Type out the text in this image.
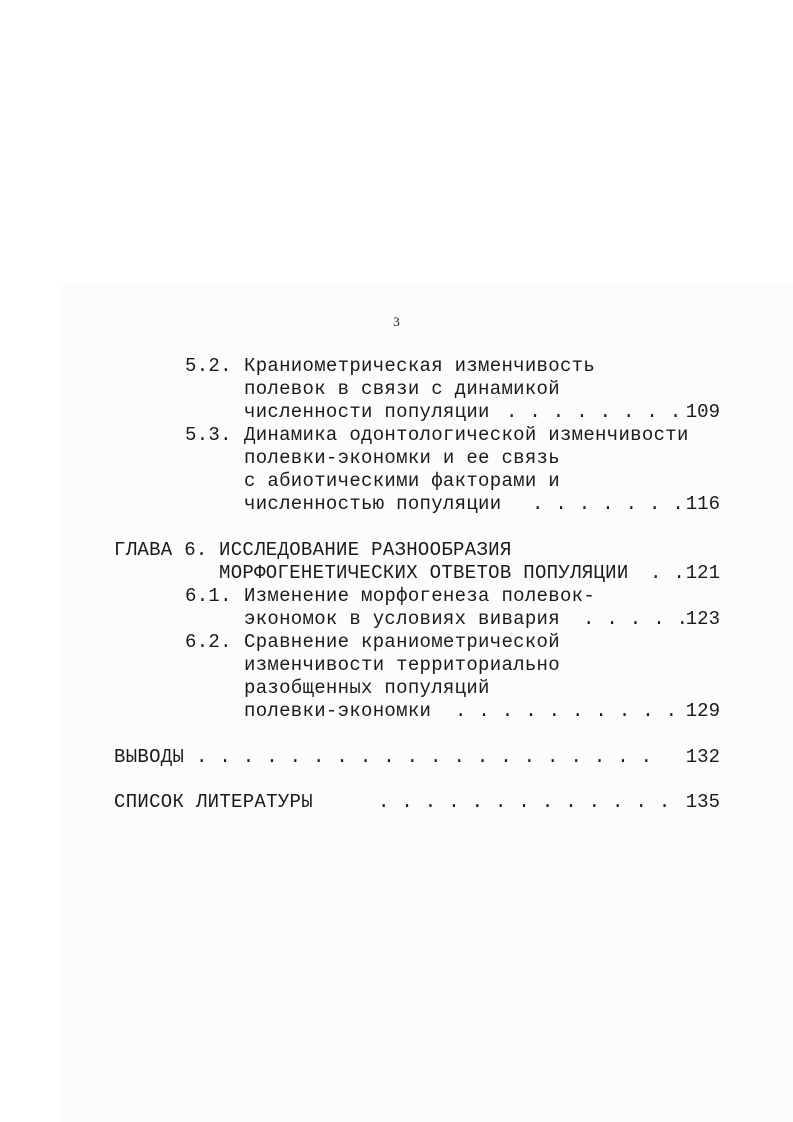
3
5.2. Краниометрическая изменчивость
полевок в связи с динамикой
численности популяции . . . . . . . . 109
5.3. Динамика одонтологической изменчивости
полевки-экономки и ее связь
с абиотическими факторами и
численностью популяции . . . . . . . 116
ГЛАВА 6. ИССЛЕДОВАНИЕ РАЗНООБРАЗИЯ
МОРФОГЕНЕТИЧЕСКИХ ОТВЕТОВ ПОПУЛЯЦИИ . . 121
6.1. Изменение морфогенеза полевок-
экономок в условиях вивария . . . . .
123
6.2. Сравнение краниометрической
изменчивости территориально
разобщенных популяций
полевки-экономки . . . . . . . . . . 129
ВЫВОДЫ . . . . . . . . . . . . . . . . . . . .	132
СПИСОК ЛИТЕРАТУРЫ	. . . . . . . . . . . . . 135
